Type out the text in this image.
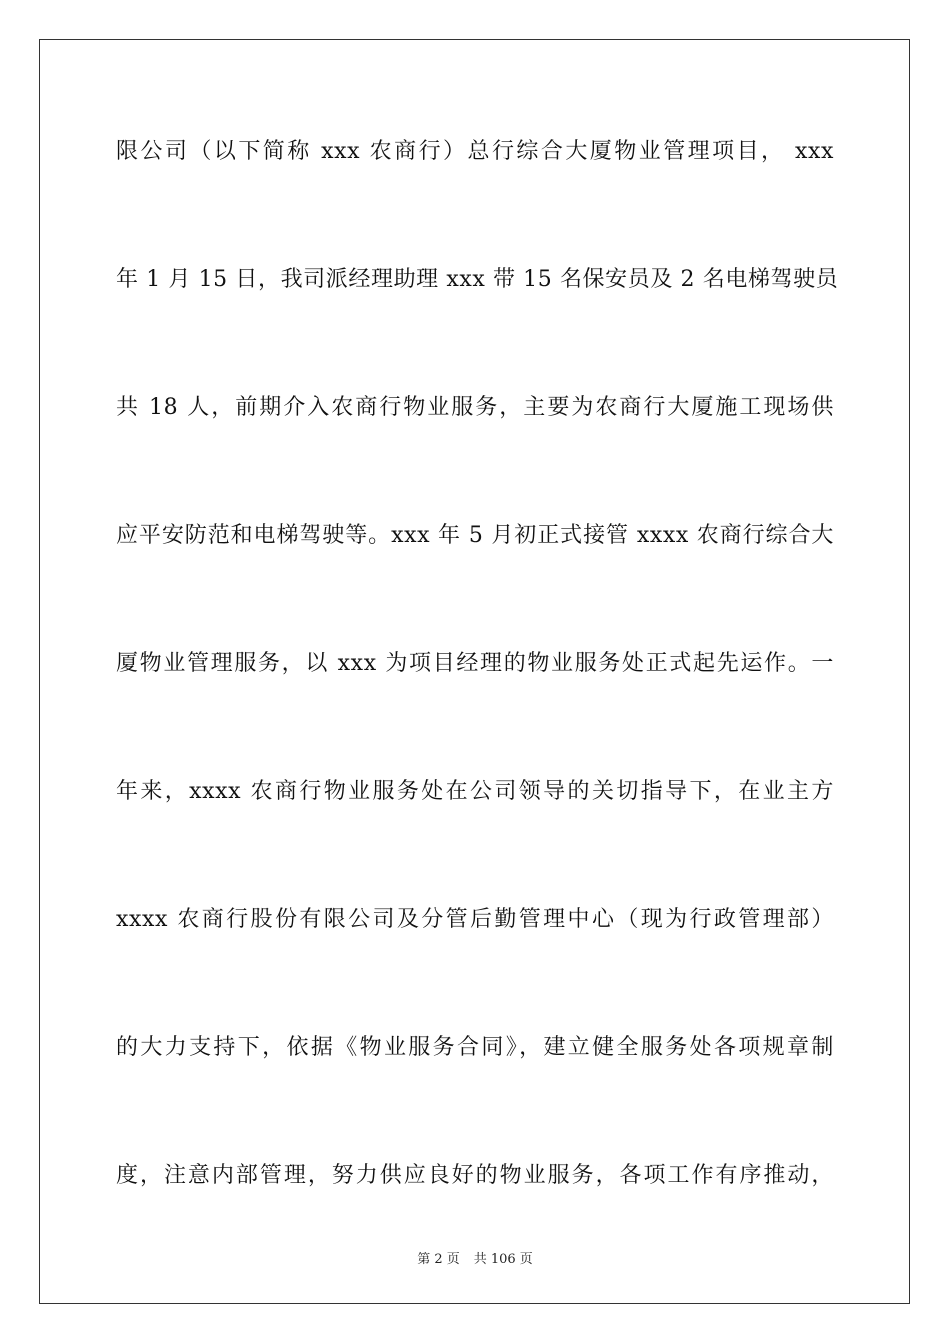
限公司（以下简称 xxx 农商行）总行综合大厦物业管理项目， xxx
年 1 月 15 日，我司派经理助理 xxx 带 15 名保安员及 2 名电梯驾驶员
共 18 人，前期介入农商行物业服务，主要为农商行大厦施工现场供
应平安防范和电梯驾驶等。xxx 年 5 月初正式接管 xxxx 农商行综合大
厦物业管理服务，以 xxx 为项目经理的物业服务处正式起先运作。一
年来，xxxx 农商行物业服务处在公司领导的关切指导下，在业主方
xxxx 农商行股份有限公司及分管后勤管理中心（现为行政管理部）
的大力支持下，依据《物业服务合同》，建立健全服务处各项规章制
度，注意内部管理，努力供应良好的物业服务，各项工作有序推动，
第 2 页 共 106 页
